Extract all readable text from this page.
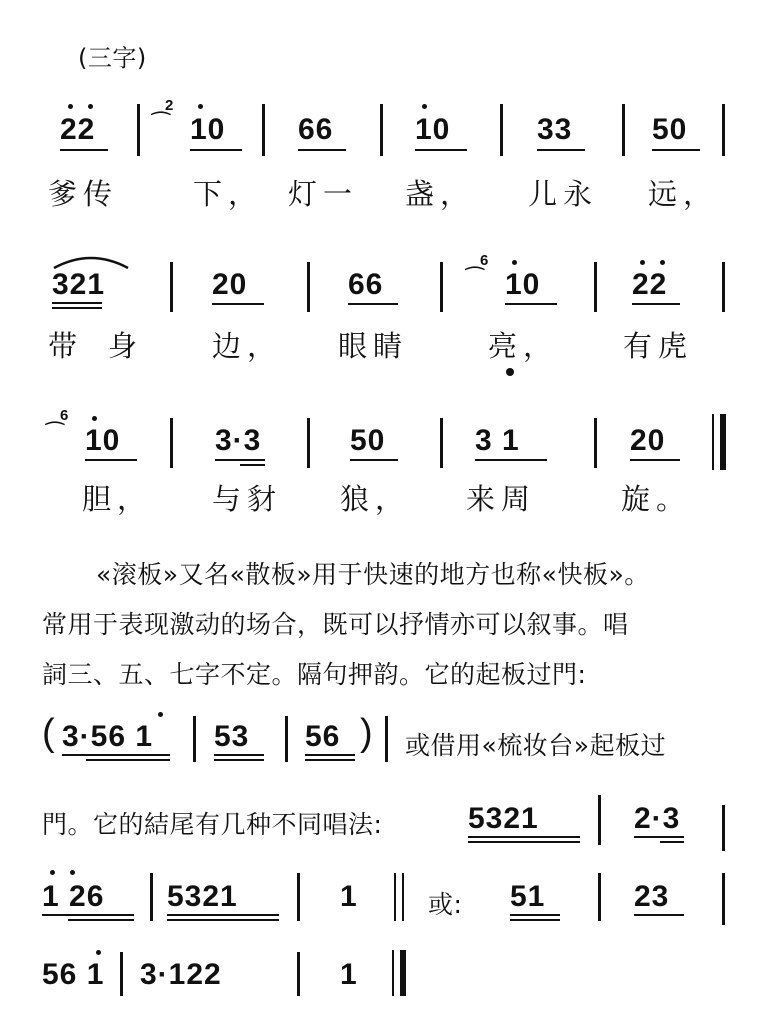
(三字)
22
2
⁀ 10 66	10	33	50
爹传	下， 灯一 盏， 儿永 远，
321	20	66
6
⁀ 10	22
带 身 边， 眼睛	亮， 有虎
6
⁀ 10	3·3	50	3 1	20
胆， 与豺 狼， 来周	旋。
«滚板»又名«散板»用于快速的地方也称«快板»。
常用于表现激动的场合，既可以抒情亦可以叙事。唱
詞三、五、七字不定。隔句押韵。它的起板过門:
( 3·56 1 53 56 ) 或借用«梳妆台»起板过
門。它的結尾有几种不同唱法:	5321	2·3
1 26 5321	1	或: 51	23
56 1 3·122	1
